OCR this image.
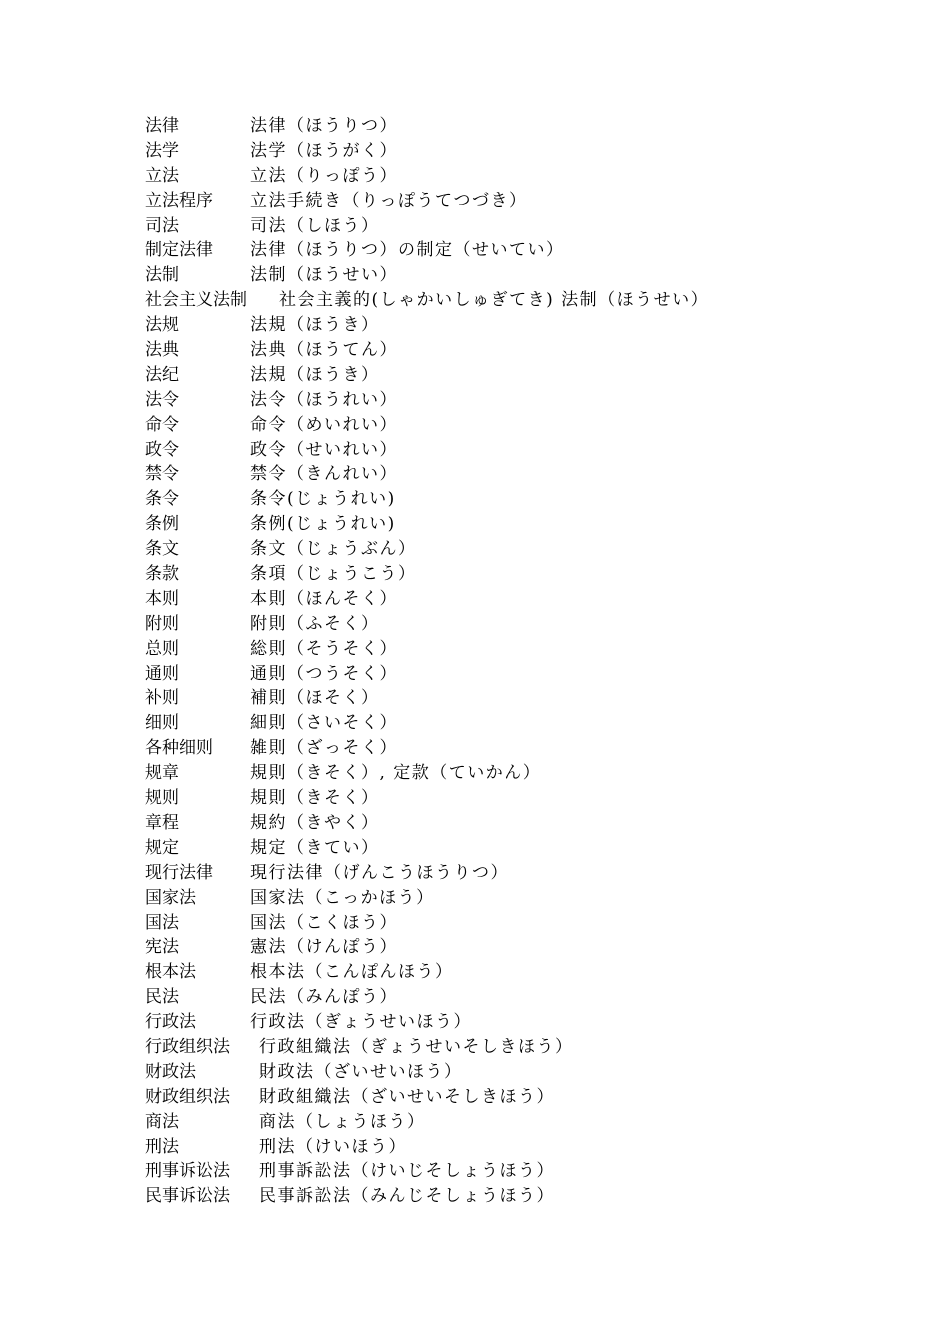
法律	法律（ほうりつ）
法学	法学（ほうがく）
立法	立法（りっぽう）
立法程序 立法手続き（りっぽうてつづき）
司法	司法（しほう）
制定法律 法律（ほうりつ）の制定（せいてい）
法制	法制（ほうせい）
社会主义法制 社会主義的(しゃかいしゅぎてき) 法制（ほうせい）
法规	法規（ほうき）
法典	法典（ほうてん）
法纪	法規（ほうき）
法令	法令（ほうれい）
命令	命令（めいれい）
政令	政令（せいれい）
禁令	禁令（きんれい）
条令	条令(じょうれい)
条例	条例(じょうれい)
条文	条文（じょうぶん）
条款	条項（じょうこう）
本则	本則（ほんそく）
附则	附則（ふそく）
总则	総則（そうそく）
通则	通則（つうそく）
补则	補則（ほそく）
细则	細則（さいそく）
各种细则 雑則（ざっそく）
规章	規則（きそく）, 定款（ていかん）
规则	規則（きそく）
章程	規約（きやく）
规定	規定（きてい）
现行法律 現行法律（げんこうほうりつ）
国家法	国家法（こっかほう）
国法	国法（こくほう）
宪法	憲法（けんぽう）
根本法	根本法（こんぽんほう）
民法	民法（みんぽう）
行政法	行政法（ぎょうせいほう）
行政组织法 行政組織法（ぎょうせいそしきほう）
财政法	財政法（ざいせいほう）
财政组织法 財政組織法（ざいせいそしきほう）
商法	商法（しょうほう）
刑法	刑法（けいほう）
刑事诉讼法 刑事訴訟法（けいじそしょうほう）
民事诉讼法 民事訴訟法（みんじそしょうほう）
